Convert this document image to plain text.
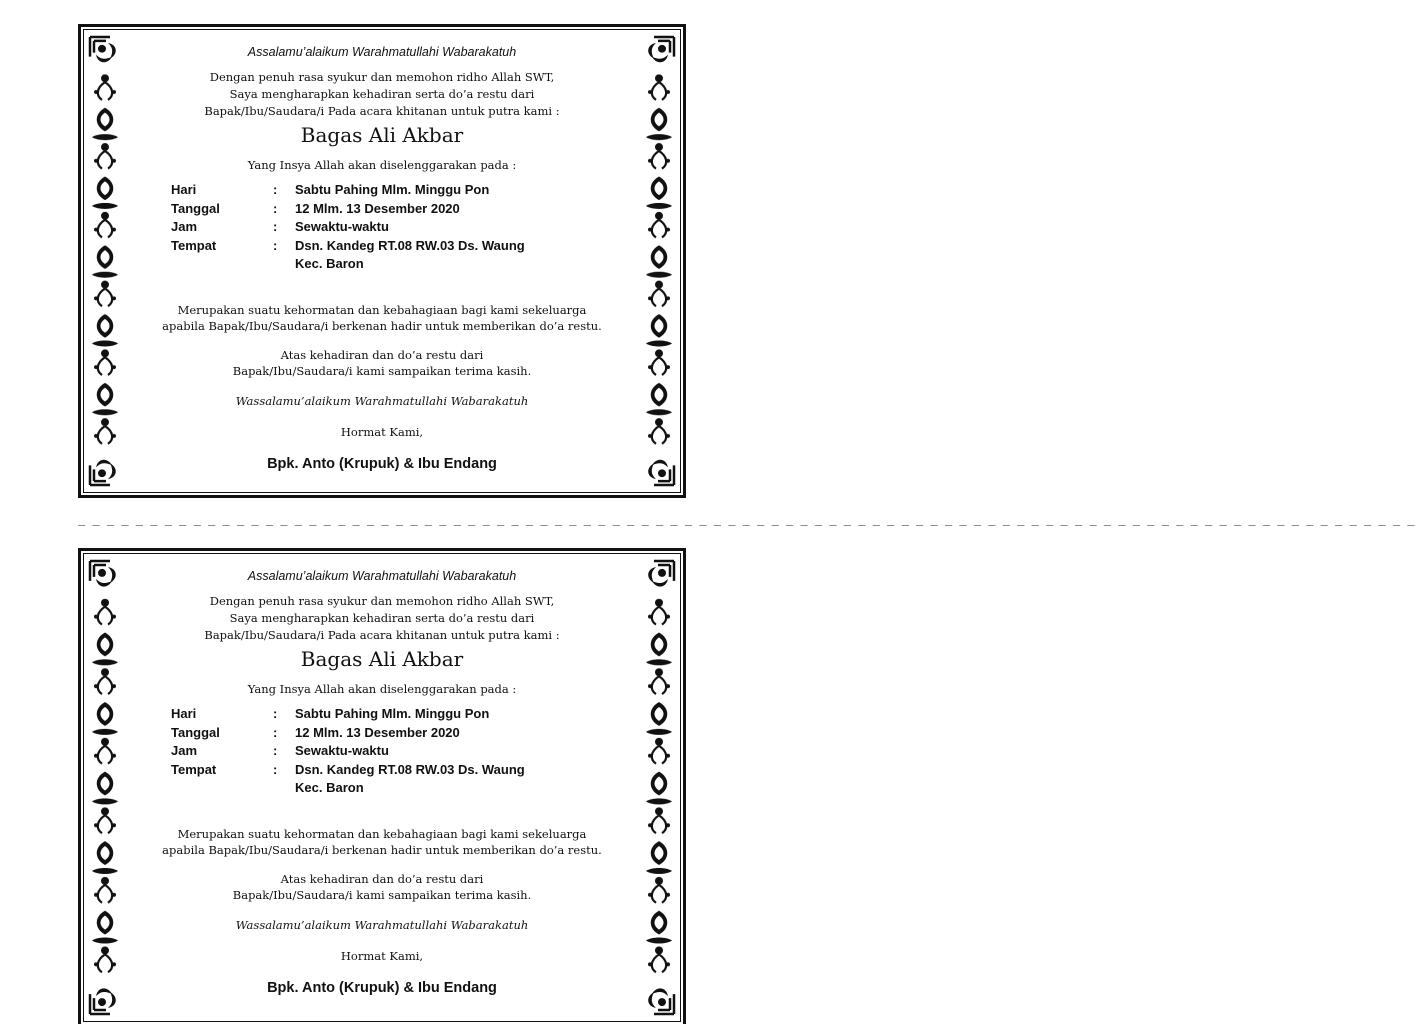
Assalamu’alaikum Warahmatullahi Wabarakatuh
Dengan penuh rasa syukur dan memohon ridho Allah SWT,
Saya mengharapkan kehadiran serta do’a restu dari
Bapak/Ibu/Saudara/i Pada acara khitanan untuk putra kami :
Bagas Ali Akbar
Yang Insya Allah akan diselenggarakan pada :
Hari	:	Sabtu Pahing Mlm. Minggu Pon
Tanggal	:	12 Mlm. 13 Desember 2020
Jam	:	Sewaktu-waktu
Tempat	:	Dsn. Kandeg RT.08 RW.03 Ds. Waung
		Kec. Baron
Merupakan suatu kehormatan dan kebahagiaan bagi kami sekeluarga
apabila Bapak/Ibu/Saudara/i berkenan hadir untuk memberikan do’a restu.
Atas kehadiran dan do’a restu dari
Bapak/Ibu/Saudara/i kami sampaikan terima kasih.
Wassalamu’alaikum Warahmatullahi Wabarakatuh
Hormat Kami,
Bpk. Anto (Krupuk) & Ibu Endang
_ _ _ _ _ _ _ _ _ _ _ _ _ _ _ _ _ _ _ _ _ _ _ _ _ _ _ _ _ _ _ _ _ _ _ _ _ _ _ _ _ _ _ _ _ _ _ _ _ _ _ _ _ _ _ _ _ _ _ _ _ _ _ _ _ _ _ _ _ _ _ _ _ _ _ _ _ _ _ _ _ _ _ _ _ _ _ _ _ _ _ _ _
Assalamu’alaikum Warahmatullahi Wabarakatuh
Dengan penuh rasa syukur dan memohon ridho Allah SWT,
Saya mengharapkan kehadiran serta do’a restu dari
Bapak/Ibu/Saudara/i Pada acara khitanan untuk putra kami :
Bagas Ali Akbar
Yang Insya Allah akan diselenggarakan pada :
Hari	:	Sabtu Pahing Mlm. Minggu Pon
Tanggal	:	12 Mlm. 13 Desember 2020
Jam	:	Sewaktu-waktu
Tempat	:	Dsn. Kandeg RT.08 RW.03 Ds. Waung
		Kec. Baron
Merupakan suatu kehormatan dan kebahagiaan bagi kami sekeluarga
apabila Bapak/Ibu/Saudara/i berkenan hadir untuk memberikan do’a restu.
Atas kehadiran dan do’a restu dari
Bapak/Ibu/Saudara/i kami sampaikan terima kasih.
Wassalamu’alaikum Warahmatullahi Wabarakatuh
Hormat Kami,
Bpk. Anto (Krupuk) & Ibu Endang
